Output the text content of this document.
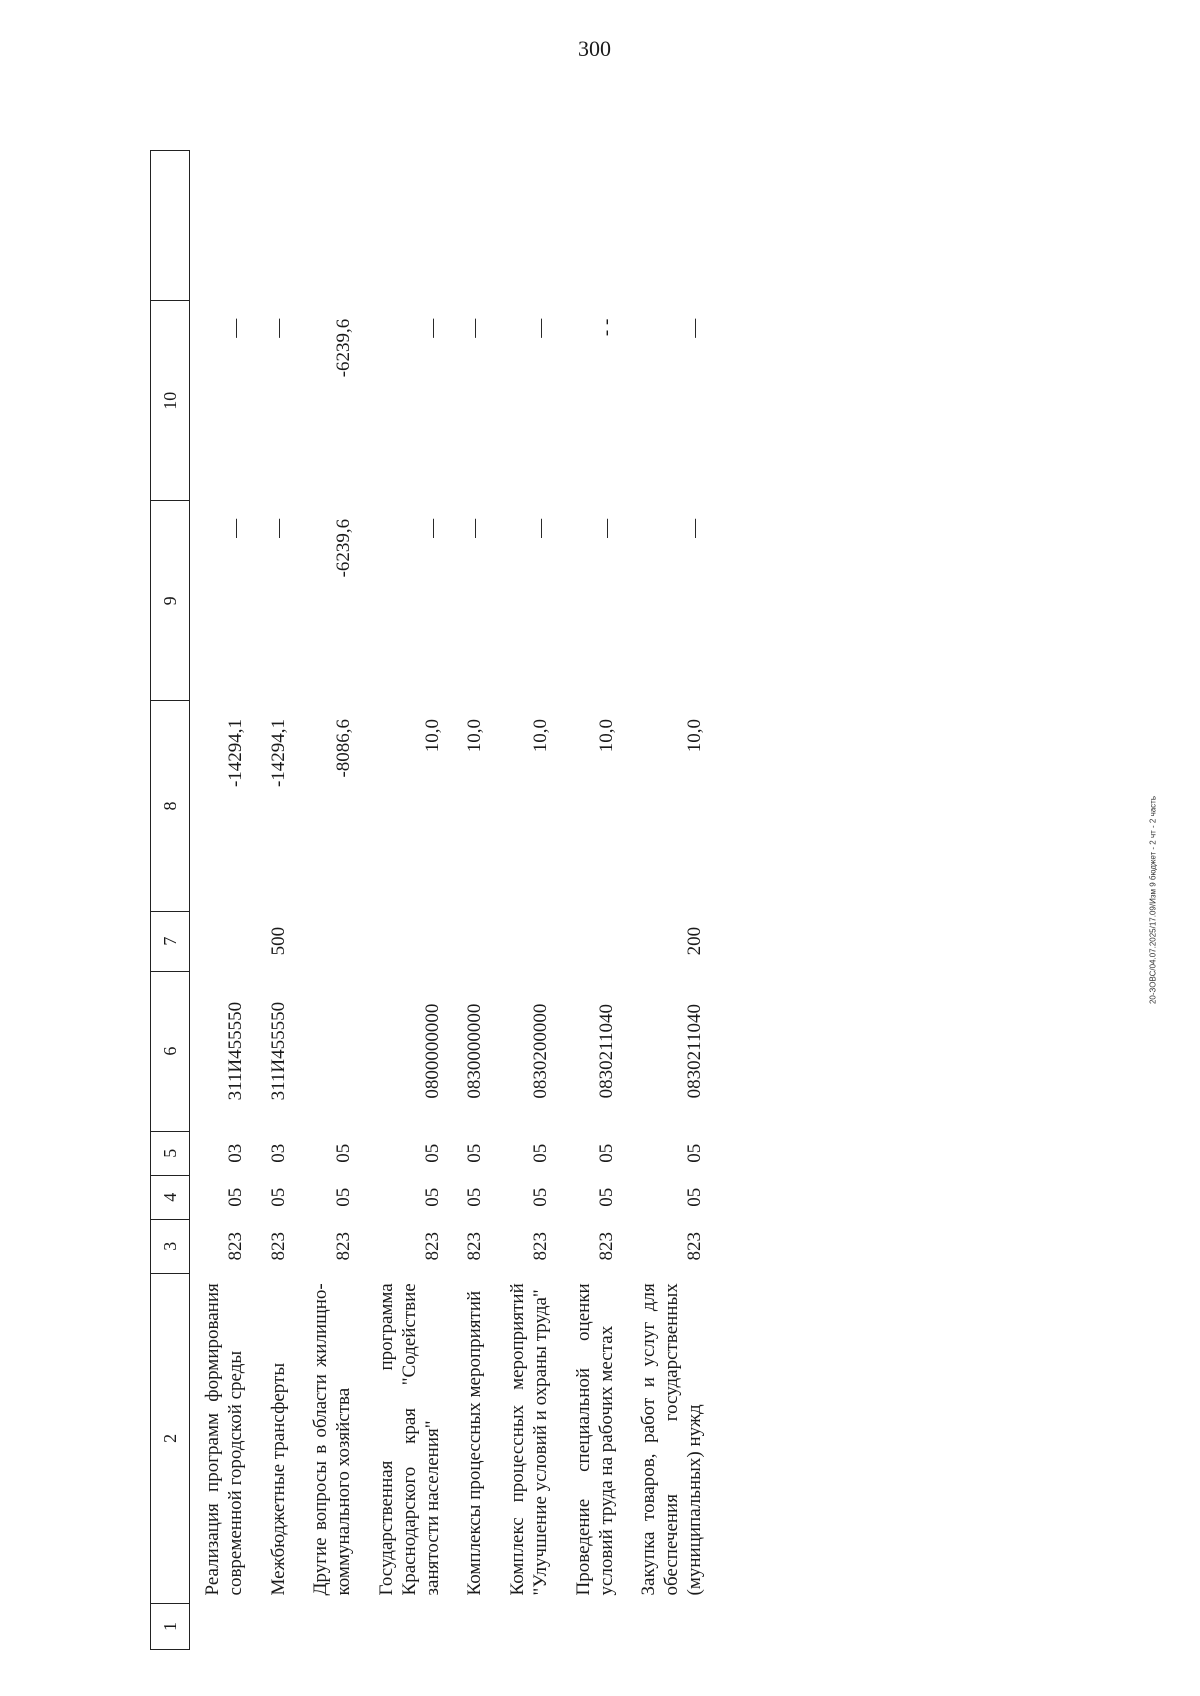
300
20-ЗОВС/04.07.2025/17.09/Изм 9 бюджет - 2 чт - 2 часть
1	2	3	4	5	6	7	8	9	10	
	Реализация программ формирования современной городской среды	823	05	03	311И455550		-14294,1	—	—	
	Межбюджетные трансферты	823	05	03	311И455550	500	-14294,1	—	—	
	Другие вопросы в области жилищно-коммунального хозяйства	823	05	05			-8086,6	-6239,6	-6239,6	
	Государственная программа Краснодарского края "Содействие занятости населения"	823	05	05	0800000000		10,0	—	—	
	Комплексы процессных мероприятий	823	05	05	0830000000		10,0	—	—	
	Комплекс процессных мероприятий "Улучшение условий и охраны труда"	823	05	05	0830200000		10,0	—	—	
	Проведение специальной оценки условий труда на рабочих местах	823	05	05	0830211040		10,0	—	- -	
	Закупка товаров, работ и услуг для обеспечения государственных (муниципальных) нужд	823	05	05	0830211040	200	10,0	—	—	
